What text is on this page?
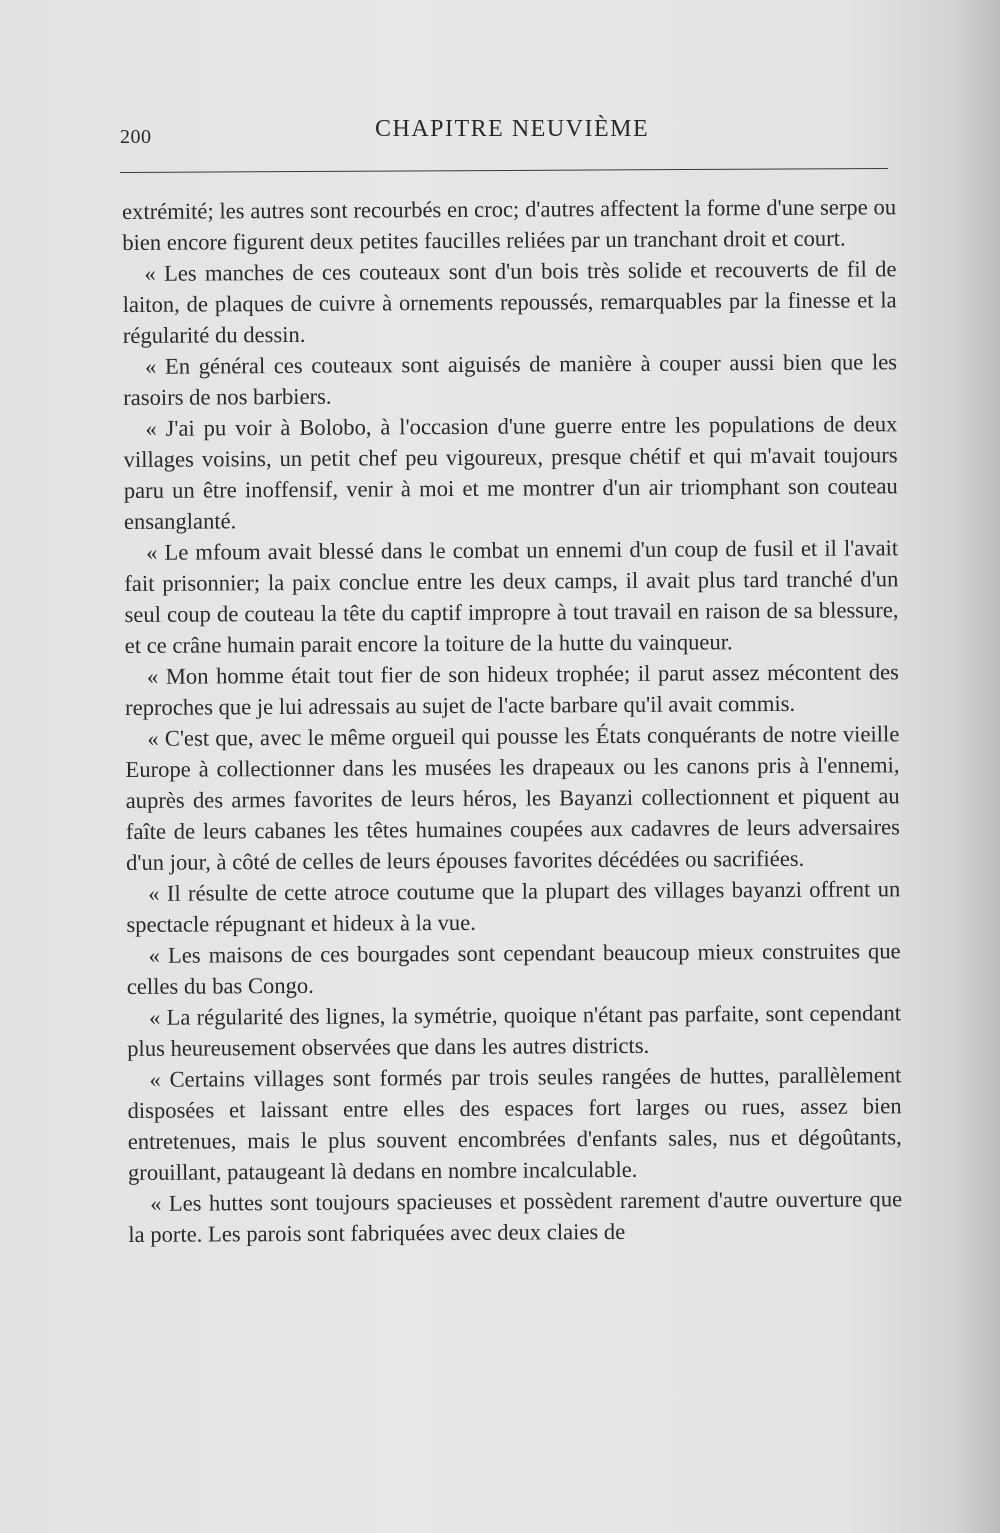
200	CHAPITRE NEUVIÈME

extrémité; les autres sont recourbés en croc; d'autres affectent la forme d'une serpe ou bien encore figurent deux petites faucilles reliées par un tranchant droit et court.

« Les manches de ces couteaux sont d'un bois très solide et recouverts de fil de laiton, de plaques de cuivre à ornements repoussés, remarquables par la finesse et la régularité du dessin.

« En général ces couteaux sont aiguisés de manière à couper aussi bien que les rasoirs de nos barbiers.

« J'ai pu voir à Bolobo, à l'occasion d'une guerre entre les populations de deux villages voisins, un petit chef peu vigoureux, presque chétif et qui m'avait toujours paru un être inoffensif, venir à moi et me montrer d'un air triomphant son couteau ensanglanté.

« Le mfoum avait blessé dans le combat un ennemi d'un coup de fusil et il l'avait fait prisonnier; la paix conclue entre les deux camps, il avait plus tard tranché d'un seul coup de couteau la tête du captif impropre à tout travail en raison de sa blessure, et ce crâne humain parait encore la toiture de la hutte du vainqueur.

« Mon homme était tout fier de son hideux trophée; il parut assez mécontent des reproches que je lui adressais au sujet de l'acte barbare qu'il avait commis.

« C'est que, avec le même orgueil qui pousse les États conquérants de notre vieille Europe à collectionner dans les musées les drapeaux ou les canons pris à l'ennemi, auprès des armes favorites de leurs héros, les Bayanzi collectionnent et piquent au faîte de leurs cabanes les têtes humaines coupées aux cadavres de leurs adversaires d'un jour, à côté de celles de leurs épouses favorites décédées ou sacrifiées.

« Il résulte de cette atroce coutume que la plupart des villages bayanzi offrent un spectacle répugnant et hideux à la vue.

« Les maisons de ces bourgades sont cependant beaucoup mieux construites que celles du bas Congo.

« La régularité des lignes, la symétrie, quoique n'étant pas parfaite, sont cependant plus heureusement observées que dans les autres districts.

« Certains villages sont formés par trois seules rangées de huttes, parallèlement disposées et laissant entre elles des espaces fort larges ou rues, assez bien entretenues, mais le plus souvent encombrées d'enfants sales, nus et dégoûtants, grouillant, pataugeant là dedans en nombre incalculable.

« Les huttes sont toujours spacieuses et possèdent rarement d'autre ouverture que la porte. Les parois sont fabriquées avec deux claies de
